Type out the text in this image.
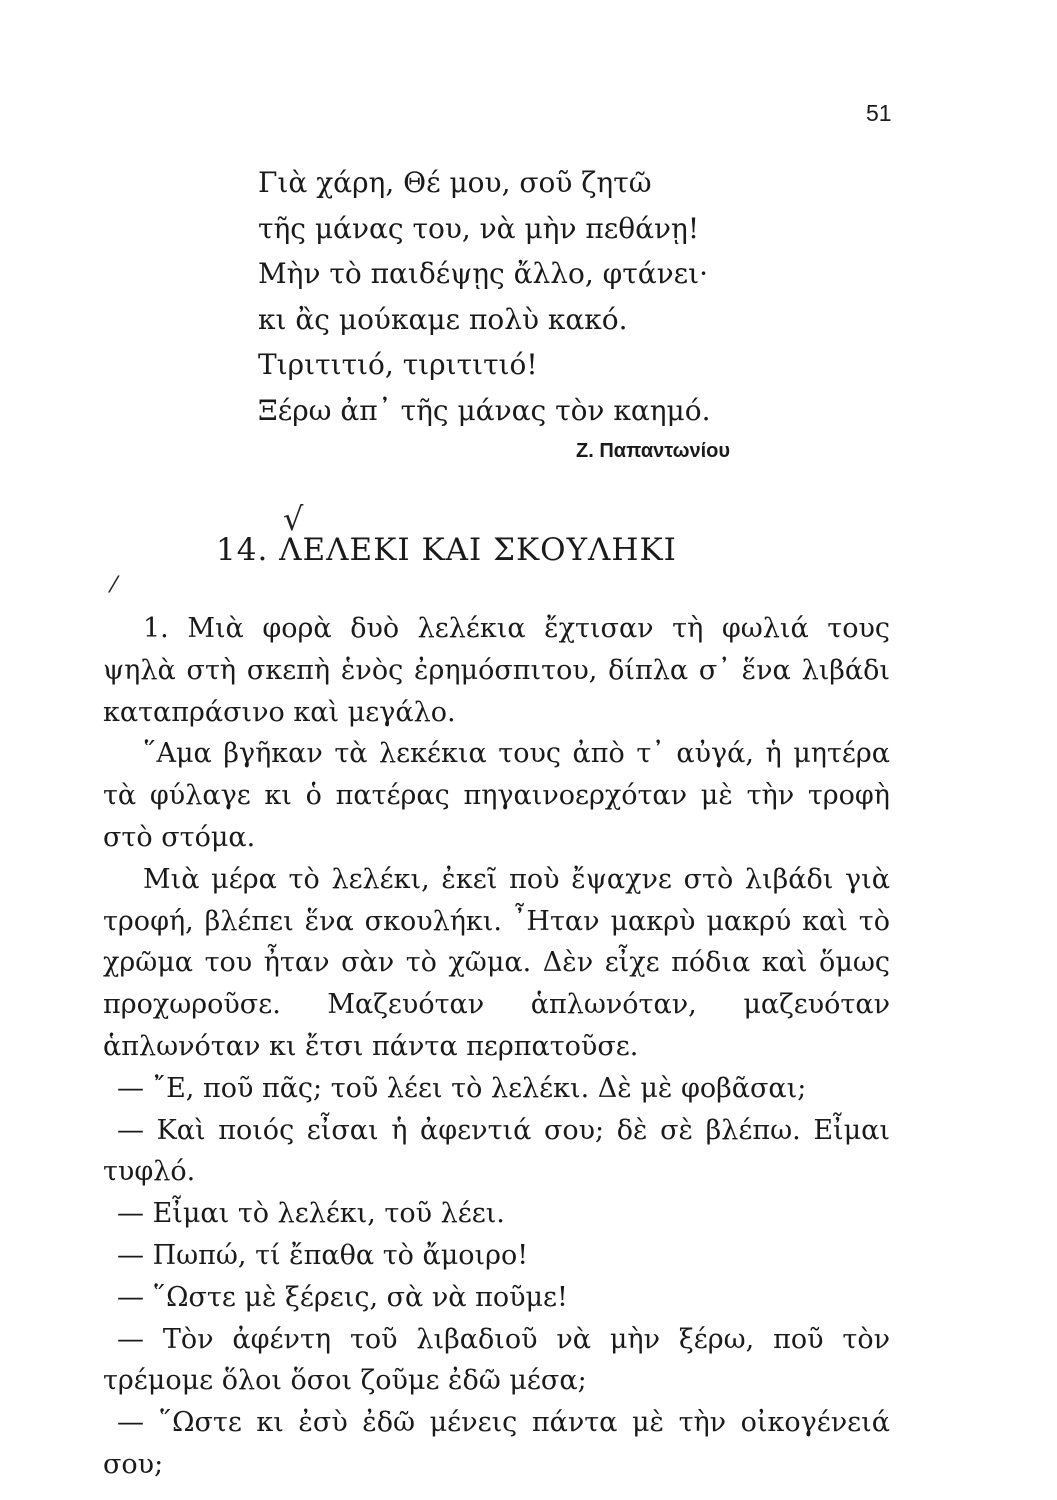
51
Γιὰ χάρη, Θέ μου, σοῦ ζητῶ
τῆς μάνας του, νὰ μὴν πεθάνῃ!
Μὴν τὸ παιδέψῃς ἄλλο, φτάνει·
κι ἂς μούκαμε πολὺ κακό.
Τιριτιτιό, τιριτιτιό!
Ξέρω ἀπ᾽ τῆς μάνας τὸν καημό.
Ζ. Παπαντωνίου
√
14. ΛΕΛΕΚΙ ΚΑΙ ΣΚΟΥΛΗΚΙ
⁄

1. Μιὰ φορὰ δυὸ λελέκια ἔχτισαν τὴ φωλιά τους ψηλὰ στὴ σκεπὴ ἑνὸς ἐρημόσπιτου, δίπλα σ᾽ ἕνα λιβάδι καταπράσινο καὶ μεγάλο.

῞Αμα βγῆκαν τὰ λεκέκια τους ἀπὸ τ᾽ αὐγά, ἡ μητέρα τὰ φύλαγε κι ὁ πατέρας πηγαινοερχόταν μὲ τὴν τροφὴ στὸ στόμα.

Μιὰ μέρα τὸ λελέκι, ἐκεῖ ποὺ ἔψαχνε στὸ λιβάδι γιὰ τροφή, βλέπει ἕνα σκουλήκι. ῏Ηταν μακρὺ μακρύ καὶ τὸ χρῶμα του ἦταν σὰν τὸ χῶμα. Δὲν εἶχε πόδια καὶ ὅμως προχωροῦσε. Μαζευόταν ἁπλωνόταν, μαζευόταν ἁπλωνόταν κι ἔτσι πάντα περπατοῦσε.

— ῎Ε, ποῦ πᾶς; τοῦ λέει τὸ λελέκι. Δὲ μὲ φοβᾶσαι;

— Καὶ ποιός εἶσαι ἡ ἀφεντιά σου; δὲ σὲ βλέπω. Εἶμαι τυφλό.

— Εἶμαι τὸ λελέκι, τοῦ λέει.

— Πωπώ, τί ἔπαθα τὸ ἄμοιρο!

— ῞Ωστε μὲ ξέρεις, σὰ νὰ ποῦμε!

— Τὸν ἀφέντη τοῦ λιβαδιοῦ νὰ μὴν ξέρω, ποῦ τὸν τρέμομε ὅλοι ὅσοι ζοῦμε ἐδῶ μέσα;

— ῞Ωστε κι ἐσὺ ἐδῶ μένεις πάντα μὲ τὴν οἰκογένειά σου;
